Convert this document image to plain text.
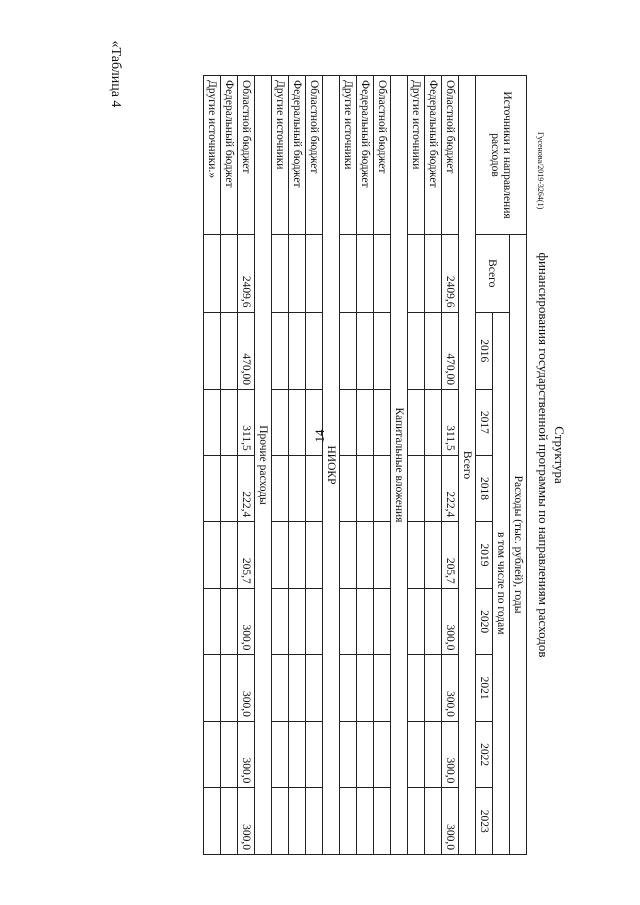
14
«Таблица 4
Гусенова/2019-3264(1)
Структура
финансирования государственной программы по направлениям расходов
Источники и направления расходов	Расходы (тыс. рублей), годы								
	Всего	в том числе по годам							
		2016	2017	2018	2019	2020	2021	2022	2023
Всего									
Областной бюджет	2409,6	470,00	311,5	222,4	205,7	300,0	300,0	300,0	300,0
Федеральный бюджет									
Другие источники									
Капитальные вложения									
Областной бюджет									
Федеральный бюджет									
Другие источники									
НИОКР									
Областной бюджет									
Федеральный бюджет									
Другие источники									
Прочие расходы									
Областной бюджет	2409,6	470,00	311,5	222,4	205,7	300,0	300,0	300,0	300,0
Федеральный бюджет									
Другие источники.»									
